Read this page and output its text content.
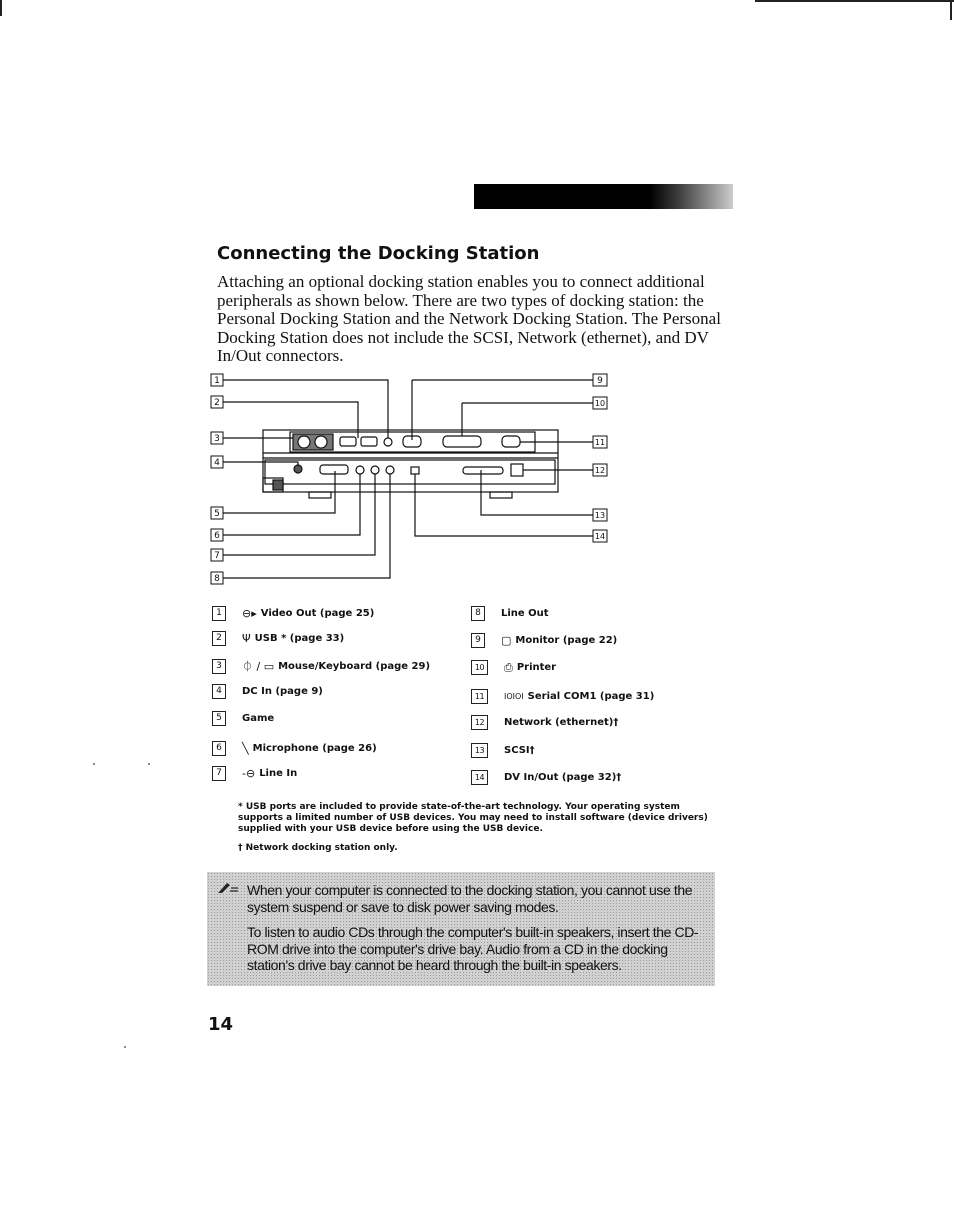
Connecting the Docking Station

Attaching an optional docking station enables you to connect additional peripherals as shown below. There are two types of docking station: the Personal Docking Station and the Network Docking Station. The Personal Docking Station does not include the SCSI, Network (ethernet), and DV In/Out connectors.

1
2
3
4
5
6
7
8
9
10
11
12
13
14
1	⊖▸ Video Out (page 25)
2	Ψ USB * (page 33)
3	⏀ / ▭ Mouse/Keyboard (page 29)
4	DC In (page 9)
5	Game
6	╲ Microphone (page 26)
7	-⊖ Line In
8	Line Out
9	▢ Monitor (page 22)
10	⎙ Printer
11	IOIOI Serial COM1 (page 31)
12	Network (ethernet)†
13	SCSI†
14	DV In/Out (page 32)†
* USB ports are included to provide state-of-the-art technology. Your operating system supports a limited number of USB devices. You may need to install software (device drivers) supplied with your USB device before using the USB device.
† Network docking station only.
When your computer is connected to the docking station, you cannot use the system suspend or save to disk power saving modes.
To listen to audio CDs through the computer's built-in speakers, insert the CD-ROM drive into the computer's drive bay. Audio from a CD in the docking station's drive bay cannot be heard through the built-in speakers.

14
